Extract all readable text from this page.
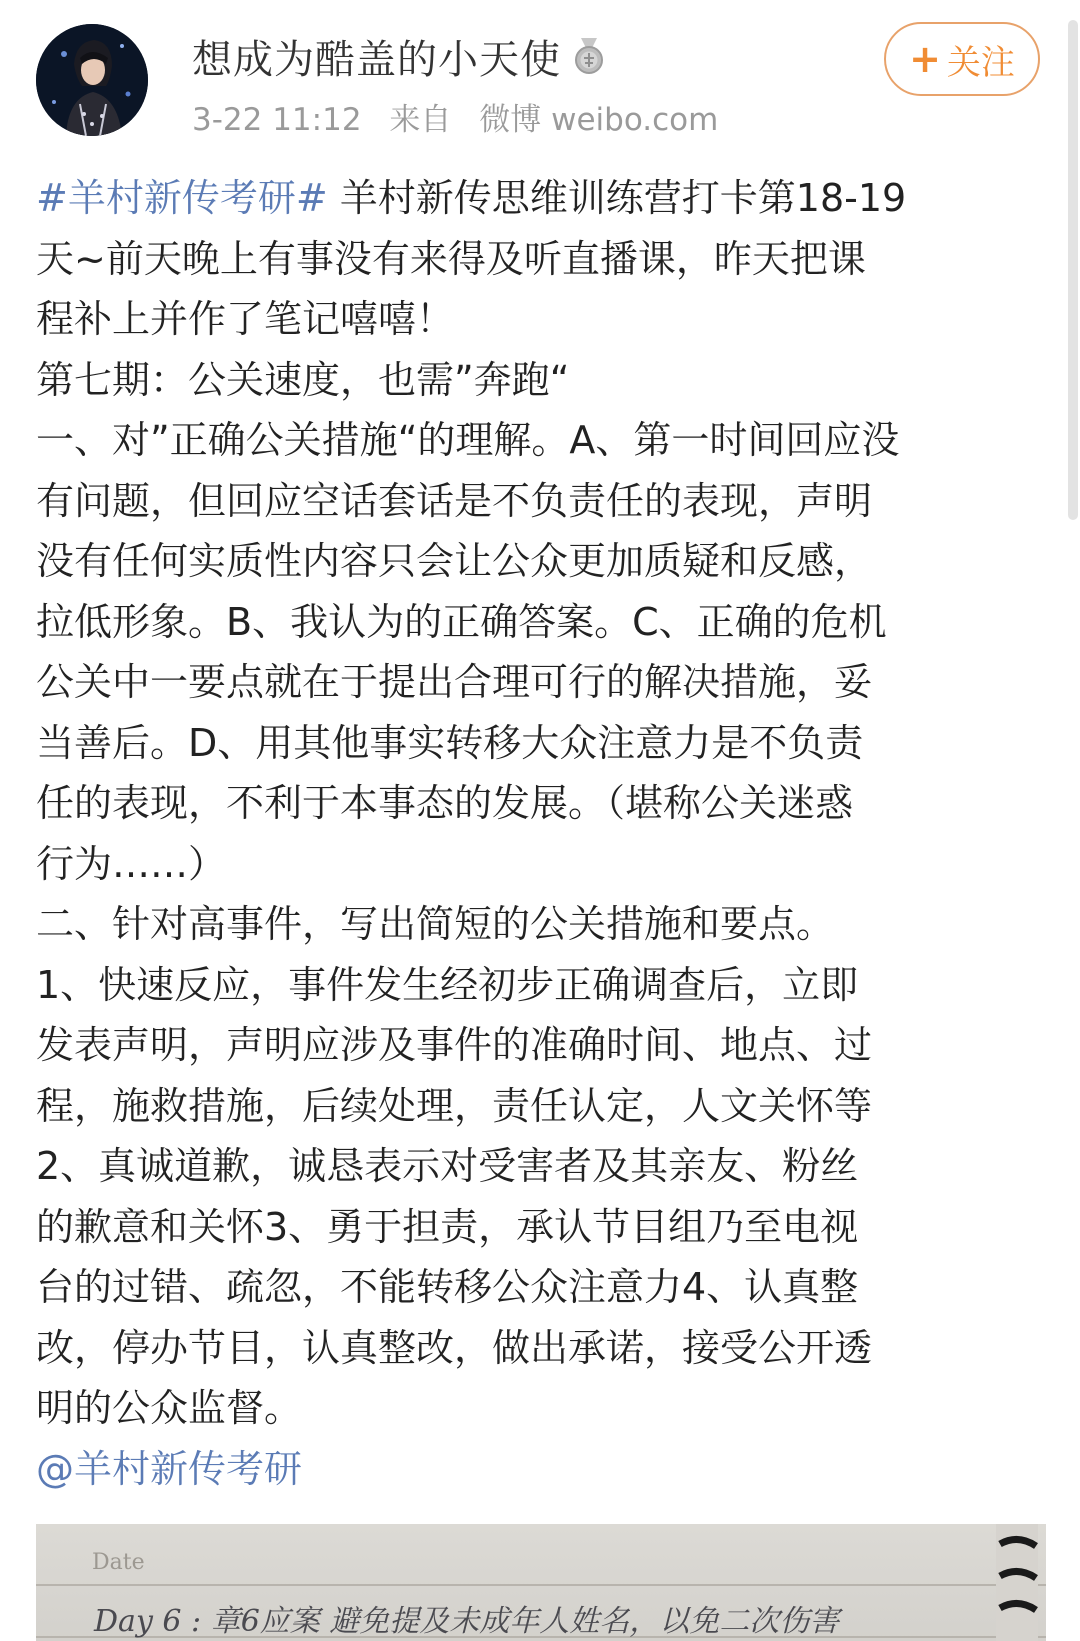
想成为酷盖的小天使
3-22 11:12 来自 微博 weibo.com
+ 关注
#羊村新传考研# 羊村新传思维训练营打卡第18-19
天~前天晚上有事没有来得及听直播课，昨天把课
程补上并作了笔记嘻嘻！
第七期：公关速度，也需”奔跑“
一、对”正确公关措施“的理解。A、第一时间回应没
有问题，但回应空话套话是不负责任的表现，声明
没有任何实质性内容只会让公众更加质疑和反感，
拉低形象。B、我认为的正确答案。C、正确的危机
公关中一要点就在于提出合理可行的解决措施，妥
当善后。D、用其他事实转移大众注意力是不负责
任的表现，不利于本事态的发展。（堪称公关迷惑
行为……）
二、针对高事件，写出简短的公关措施和要点。
1、快速反应，事件发生经初步正确调查后，立即
发表声明，声明应涉及事件的准确时间、地点、过
程，施救措施，后续处理，责任认定，人文关怀等
2、真诚道歉，诚恳表示对受害者及其亲友、粉丝
的歉意和关怀3、勇于担责，承认节目组乃至电视
台的过错、疏忽，不能转移公众注意力4、认真整
改，停办节目，认真整改，做出承诺，接受公开透
明的公众监督。
@羊村新传考研
Date
Day 6 : 章6应案 避免提及未成年人姓名，以免二次伤害
